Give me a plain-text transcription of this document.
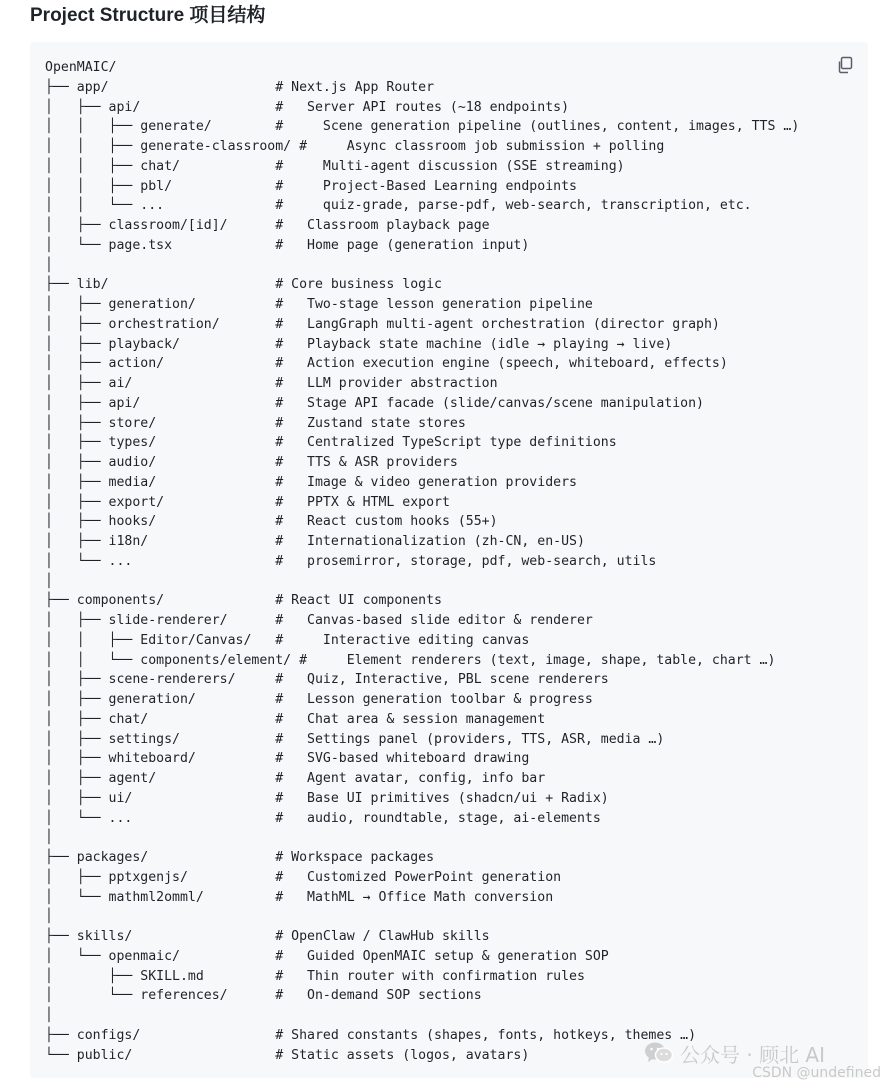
Project Structure 项目结构
OpenMAIC/
├── app/                     # Next.js App Router
│   ├── api/                 #   Server API routes (~18 endpoints)
│   │   ├── generate/        #     Scene generation pipeline (outlines, content, images, TTS …)
│   │   ├── generate-classroom/ #     Async classroom job submission + polling
│   │   ├── chat/            #     Multi-agent discussion (SSE streaming)
│   │   ├── pbl/             #     Project-Based Learning endpoints
│   │   └── ...              #     quiz-grade, parse-pdf, web-search, transcription, etc.
│   ├── classroom/[id]/      #   Classroom playback page
│   └── page.tsx             #   Home page (generation input)
│
├── lib/                     # Core business logic
│   ├── generation/          #   Two-stage lesson generation pipeline
│   ├── orchestration/       #   LangGraph multi-agent orchestration (director graph)
│   ├── playback/            #   Playback state machine (idle → playing → live)
│   ├── action/              #   Action execution engine (speech, whiteboard, effects)
│   ├── ai/                  #   LLM provider abstraction
│   ├── api/                 #   Stage API facade (slide/canvas/scene manipulation)
│   ├── store/               #   Zustand state stores
│   ├── types/               #   Centralized TypeScript type definitions
│   ├── audio/               #   TTS & ASR providers
│   ├── media/               #   Image & video generation providers
│   ├── export/              #   PPTX & HTML export
│   ├── hooks/               #   React custom hooks (55+)
│   ├── i18n/                #   Internationalization (zh-CN, en-US)
│   └── ...                  #   prosemirror, storage, pdf, web-search, utils
│
├── components/              # React UI components
│   ├── slide-renderer/      #   Canvas-based slide editor & renderer
│   │   ├── Editor/Canvas/   #     Interactive editing canvas
│   │   └── components/element/ #     Element renderers (text, image, shape, table, chart …)
│   ├── scene-renderers/     #   Quiz, Interactive, PBL scene renderers
│   ├── generation/          #   Lesson generation toolbar & progress
│   ├── chat/                #   Chat area & session management
│   ├── settings/            #   Settings panel (providers, TTS, ASR, media …)
│   ├── whiteboard/          #   SVG-based whiteboard drawing
│   ├── agent/               #   Agent avatar, config, info bar
│   ├── ui/                  #   Base UI primitives (shadcn/ui + Radix)
│   └── ...                  #   audio, roundtable, stage, ai-elements
│
├── packages/                # Workspace packages
│   ├── pptxgenjs/           #   Customized PowerPoint generation
│   └── mathml2omml/         #   MathML → Office Math conversion
│
├── skills/                  # OpenClaw / ClawHub skills
│   └── openmaic/            #   Guided OpenMAIC setup & generation SOP
│       ├── SKILL.md         #   Thin router with confirmation rules
│       └── references/      #   On-demand SOP sections
│
├── configs/                 # Shared constants (shapes, fonts, hotkeys, themes …)
└── public/                  # Static assets (logos, avatars)	公众号 · 顾北 AI
CSDN @undefined
